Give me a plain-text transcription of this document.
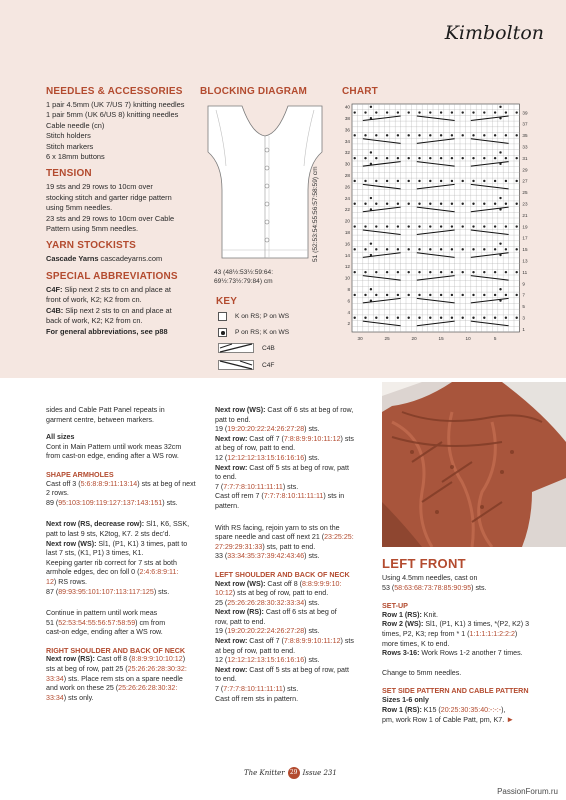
Kimbolton
NEEDLES & ACCESSORIES
1 pair 4.5mm (UK 7/US 7) knitting needles
1 pair 5mm (UK 6/US 8) knitting needles
Cable needle (cn)
Stitch holders
Stitch markers
6 x 18mm buttons
TENSION
19 sts and 29 rows to 10cm over
stocking stitch and garter ridge pattern
using 5mm needles.
23 sts and 29 rows to 10cm over Cable
Pattern using 5mm needles.
YARN STOCKISTS
Cascade Yarns cascadeyarns.com
SPECIAL ABBREVIATIONS
C4F: Slip next 2 sts to cn and place at
front of work, K2; K2 from cn.
C4B: Slip next 2 sts to cn and place at
back of work, K2; K2 from cn.
For general abbreviations, see p88
BLOCKING DIAGRAM
51 (52:53:54:55:56:57:58:59) cm
43 (48½:53½:59:64:
69½:73½:79:84) cm
KEY
K on RS; P on WS
P on RS; K on WS
C4B
C4F
CHART
40
38
36
34
32
30
28
26
24
22
20
18
16
14
12
10
8
6
4
2
39
37
35
33
31
29
27
25
23
21
19
17
15
13
11
9
7
5
3
1
30	25	20	15	10	5

sides and Cable Patt Panel repeats in
garment centre, between markers.

All sizes

Cont in Main Pattern until work meas 32cm
from cast-on edge, ending after a WS row.

SHAPE ARMHOLES

Cast off 3 (5:6:8:8:9:11:13:14) sts at beg of next
2 rows.
89 (95:103:109:119:127:137:143:151) sts.

Next row (RS, decrease row): Sl1, K6, SSK,
patt to last 9 sts, K2tog, K7. 2 sts dec'd.
Next row (WS): Sl1, (P1, K1) 3 times, patt to
last 7 sts, (K1, P1) 3 times, K1.
Keeping garter rib correct for 7 sts at both
armhole edges, dec on foll 0 (2:4:6:8:9:11:
12) RS rows.
87 (89:93:95:101:107:113:117:125) sts.

Continue in pattern until work meas
51 (52:53:54:55:56:57:58:59) cm from
cast-on edge, ending after a WS row.

RIGHT SHOULDER AND BACK OF NECK

Next row (RS): Cast off 8 (8:8:9:9:10:10:12)
sts at beg of row, patt 25 (25:26:26:28:30:32:
33:34) sts. Place rem sts on a spare needle
and work on these 25 (25:26:26:28:30:32:
33:34) sts only.

Next row (WS): Cast off 6 sts at beg of row,
patt to end.
19 (19:20:20:22:24:26:27:28) sts.
Next row: Cast off 7 (7:8:8:9:9:10:11:12) sts
at beg of row, patt to end.
12 (12:12:12:13:15:16:16:16) sts.
Next row: Cast off 5 sts at beg of row, patt
to end.
7 (7:7:7:8:10:11:11:11) sts.
Cast off rem 7 (7:7:7:8:10:11:11:11) sts in
pattern.

With RS facing, rejoin yarn to sts on the
spare needle and cast off next 21 (23:25:25:
27:29:29:31:33) sts, patt to end.
33 (33:34:35:37:39:42:43:46) sts.

LEFT SHOULDER AND BACK OF NECK

Next row (WS): Cast off 8 (8:8:9:9:9:10:
10:12) sts at beg of row, patt to end.
25 (25:26:26:28:30:32:33:34) sts.
Next row (RS): Cast off 6 sts at beg of
row, patt to end.
19 (19:20:20:22:24:26:27:28) sts.
Next row: Cast off 7 (7:8:8:9:9:10:11:12) sts
at beg of row, patt to end.
12 (12:12:12:13:15:16:16:16) sts.
Next row: Cast off 5 sts at beg of row, patt
to end.
7 (7:7:7:8:10:11:11:11) sts.
Cast off rem sts in pattern.

LEFT FRONT

Using 4.5mm needles, cast on
53 (58:63:68:73:78:85:90:95) sts.

SET-UP

Row 1 (RS): Knit.
Row 2 (WS): Sl1, (P1, K1) 3 times, *(P2, K2) 3
times, P2, K3; rep from * 1 (1:1:1:1:1:2:2:2)
more times, K to end.
Rows 3-16: Work Rows 1-2 another 7 times.

Change to 5mm needles.

SET SIDE PATTERN AND CABLE PATTERN
Sizes 1-6 only

Row 1 (RS): K15 (20:25:30:35:40:-:-:-),
pm, work Row 1 of Cable Patt, pm, K7. ►

The Knitter 29 Issue 231
PassionForum.ru
